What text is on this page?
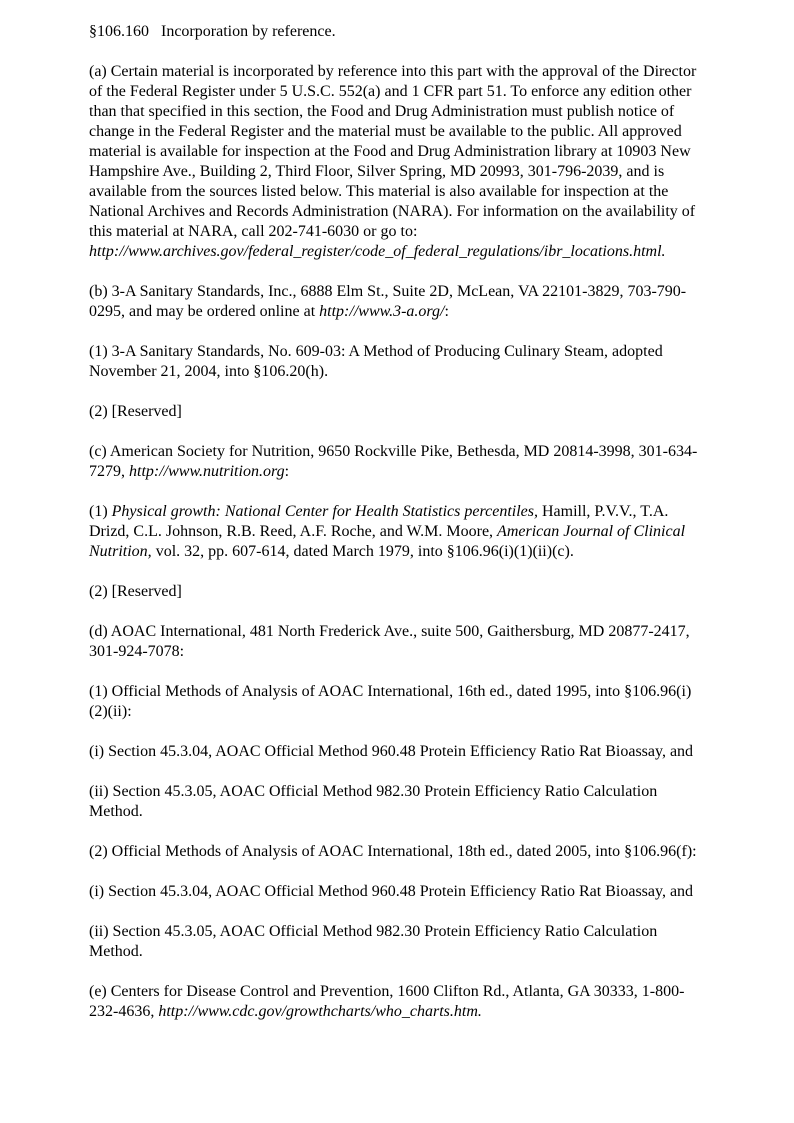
§106.160 Incorporation by reference.

(a) Certain material is incorporated by reference into this part with the approval of the Director of the Federal Register under 5 U.S.C. 552(a) and 1 CFR part 51. To enforce any edition other than that specified in this section, the Food and Drug Administration must publish notice of change in the Federal Register and the material must be available to the public. All approved material is available for inspection at the Food and Drug Administration library at 10903 New Hampshire Ave., Building 2, Third Floor, Silver Spring, MD 20993, 301-796-2039, and is available from the sources listed below. This material is also available for inspection at the National Archives and Records Administration (NARA). For information on the availability of this material at NARA, call 202-741-6030 or go to: http://www.archives.gov/federal_register/code_of_federal_regulations/ibr_locations.html.

(b) 3-A Sanitary Standards, Inc., 6888 Elm St., Suite 2D, McLean, VA 22101-3829, 703-790-0295, and may be ordered online at http://www.3-a.org/:

(1) 3-A Sanitary Standards, No. 609-03: A Method of Producing Culinary Steam, adopted November 21, 2004, into §106.20(h).

(2) [Reserved]

(c) American Society for Nutrition, 9650 Rockville Pike, Bethesda, MD 20814-3998, 301-634-7279, http://www.nutrition.org:

(1) Physical growth: National Center for Health Statistics percentiles, Hamill, P.V.V., T.A. Drizd, C.L. Johnson, R.B. Reed, A.F. Roche, and W.M. Moore, American Journal of Clinical Nutrition, vol. 32, pp. 607-614, dated March 1979, into §106.96(i)(1)(ii)(c).

(2) [Reserved]

(d) AOAC International, 481 North Frederick Ave., suite 500, Gaithersburg, MD 20877-2417, 301-924-7078:

(1) Official Methods of Analysis of AOAC International, 16th ed., dated 1995, into §106.96(i)(2)(ii):

(i) Section 45.3.04, AOAC Official Method 960.48 Protein Efficiency Ratio Rat Bioassay, and

(ii) Section 45.3.05, AOAC Official Method 982.30 Protein Efficiency Ratio Calculation Method.

(2) Official Methods of Analysis of AOAC International, 18th ed., dated 2005, into §106.96(f):

(i) Section 45.3.04, AOAC Official Method 960.48 Protein Efficiency Ratio Rat Bioassay, and

(ii) Section 45.3.05, AOAC Official Method 982.30 Protein Efficiency Ratio Calculation Method.

(e) Centers for Disease Control and Prevention, 1600 Clifton Rd., Atlanta, GA 30333, 1-800-232-4636, http://www.cdc.gov/growthcharts/who_charts.htm.
